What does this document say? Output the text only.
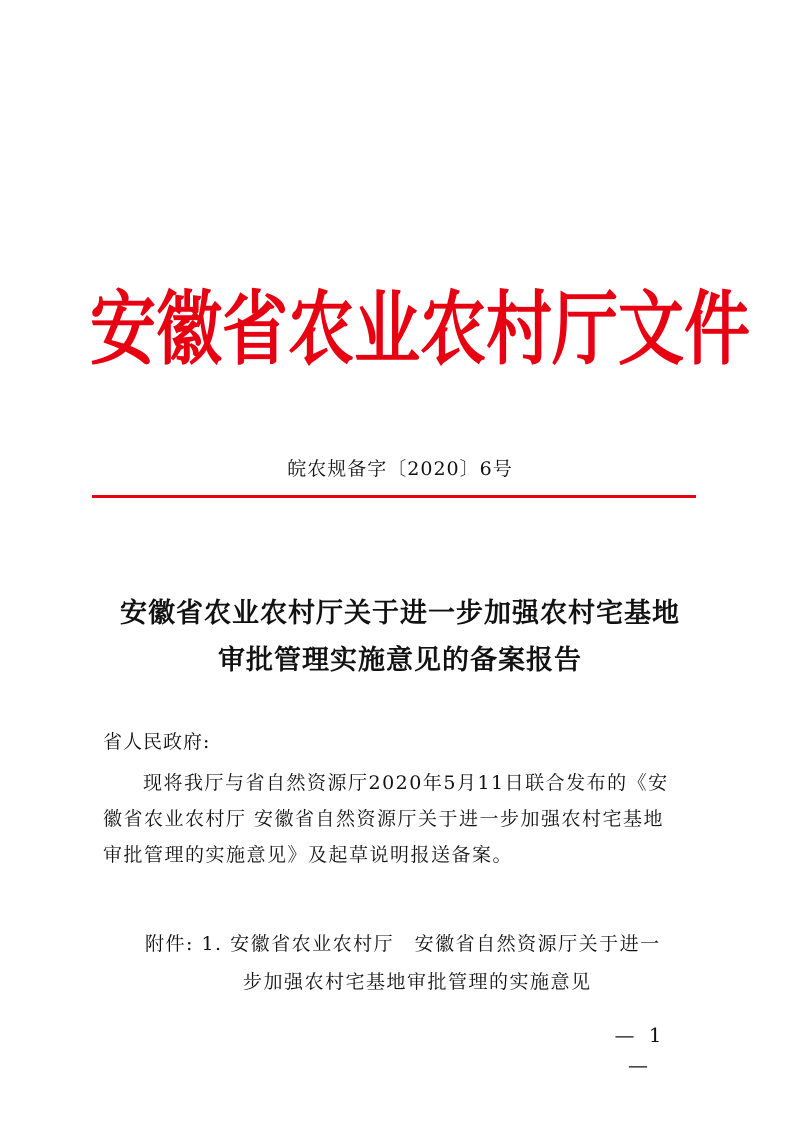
安徽省农业农村厅文件
皖农规备字〔2020〕6号
安徽省农业农村厅关于进一步加强农村宅基地
审批管理实施意见的备案报告
省人民政府:
现将我厅与省自然资源厅2020年5月11日联合发布的《安
徽省农业农村厅 安徽省自然资源厅关于进一步加强农村宅基地
审批管理的实施意见》及起草说明报送备案。
附件: 1. 安徽省农业农村厅　安徽省自然资源厅关于进一
步加强农村宅基地审批管理的实施意见
— 1 —
